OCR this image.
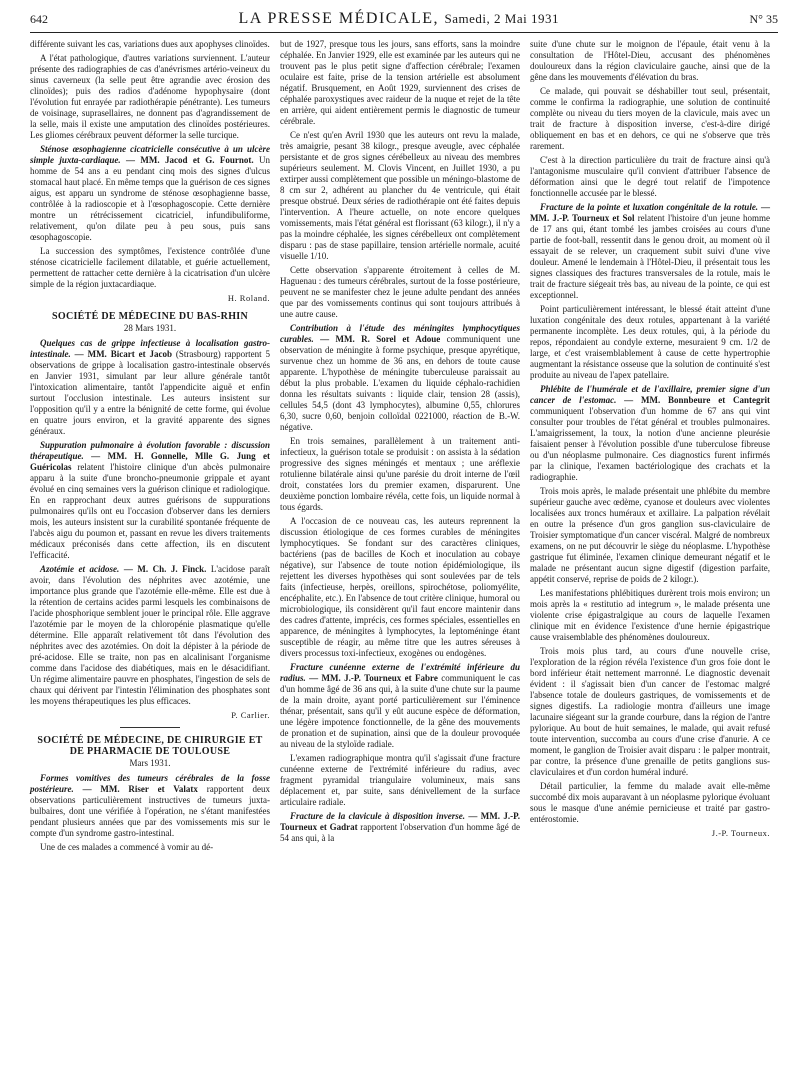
642	LA PRESSE MÉDICALE, Samedi, 2 Mai 1931	N° 35

différente suivant les cas, variations dues aux apophyses clinoïdes.

A l'état pathologique, d'autres variations surviennent. L'auteur présente des radiographies de cas d'anévrismes artério-veineux du sinus caverneux (la selle peut être agrandie avec érosion des clinoïdes); puis des radios d'adénome hypophysaire (dont l'évolution fut enrayée par radiothérapie pénétrante). Les tumeurs de voisinage, suprasellaires, ne donnent pas d'agrandissement de la selle, mais il existe une amputation des clinoïdes postérieures. Les gliomes cérébraux peuvent déformer la selle turcique.

Sténose œsophagienne cicatricielle consécutive à un ulcère simple juxta-cardiaque. — MM. Jacod et G. Fournot. Un homme de 54 ans a eu pendant cinq mois des signes d'ulcus stomacal haut placé. En même temps que la guérison de ces signes aigus, est apparu un syndrome de sténose œsophagienne basse, contrôlée à la radioscopie et à l'œsophagoscopie. Cette dernière montre un rétrécissement cicatriciel, infundibuliforme, relativement, qu'on dilate peu à peu sous, puis sans œsophagoscopie.

La succession des symptômes, l'existence contrôlée d'une sténose cicatricielle facilement dilatable, et guérie actuellement, permettent de rattacher cette dernière à la cicatrisation d'un ulcère simple de la région juxtacardiaque.

H. Roland.
SOCIÉTÉ DE MÉDECINE DU BAS-RHIN
28 Mars 1931.

Quelques cas de grippe infectieuse à localisation gastro-intestinale. — MM. Bicart et Jacob (Strasbourg) rapportent 5 observations de grippe à localisation gastro-intestinale observés en Janvier 1931, simulant par leur allure générale tantôt l'intoxication alimentaire, tantôt l'appendicite aiguë et enfin surtout l'occlusion intestinale. Les auteurs insistent sur l'opposition qu'il y a entre la bénignité de cette forme, qui évolue en quatre jours environ, et la gravité apparente des signes généraux.

Suppuration pulmonaire à évolution favorable : discussion thérapeutique. — MM. H. Gonnelle, Mlle G. Jung et Guéricolas relatent l'histoire clinique d'un abcès pulmonaire apparu à la suite d'une broncho-pneumonie grippale et ayant évolué en cinq semaines vers la guérison clinique et radiologique. En en rapprochant deux autres guérisons de suppurations pulmonaires qu'ils ont eu l'occasion d'observer dans les derniers mois, les auteurs insistent sur la curabilité spontanée fréquente de l'abcès aigu du poumon et, passant en revue les divers traitements médicaux préconisés dans cette affection, ils en discutent l'efficacité.

Azotémie et acidose. — M. Ch. J. Finck. L'acidose paraît avoir, dans l'évolution des néphrites avec azotémie, une importance plus grande que l'azotémie elle-même. Elle est due à la rétention de certains acides parmi lesquels les combinaisons de l'acide phosphorique semblent jouer le principal rôle. Elle aggrave l'azotémie par le moyen de la chloropénie plasmatique qu'elle détermine. Elle apparaît relativement tôt dans l'évolution des néphrites avec des azotémies. On doit la dépister à la période de pré-acidose. Elle se traite, non pas en alcalinisant l'organisme comme dans l'acidose des diabétiques, mais en le désacidifiant. Un régime alimentaire pauvre en phosphates, l'ingestion de sels de chaux qui dérivent par l'intestin l'élimination des phosphates sont les moyens thérapeutiques les plus efficaces.

P. Carlier.
SOCIÉTÉ DE MÉDECINE, DE CHIRURGIE ET DE PHARMACIE DE TOULOUSE
Mars 1931.

Formes vomitives des tumeurs cérébrales de la fosse postérieure. — MM. Riser et Valatx rapportent deux observations particulièrement instructives de tumeurs juxta-bulbaires, dont une vérifiée à l'opération, ne s'étant manifestées pendant plusieurs années que par des vomissements mis sur le compte d'un syndrome gastro-intestinal.

Une de ces malades a commencé à vomir au dé-

but de 1927, presque tous les jours, sans efforts, sans la moindre céphalée. En Janvier 1929, elle est examinée par les auteurs qui ne trouvent pas le plus petit signe d'affection cérébrale; l'examen oculaire est faite, prise de la tension artérielle est absolument négatif. Brusquement, en Août 1929, surviennent des crises de céphalée paroxystiques avec raideur de la nuque et rejet de la tête en arrière, qui aident entièrement permis le diagnostic de tumeur cérébrale.

Ce n'est qu'en Avril 1930 que les auteurs ont revu la malade, très amaigrie, pesant 38 kilogr., presque aveugle, avec céphalée persistante et de gros signes cérébelleux au niveau des membres supérieurs seulement. M. Clovis Vincent, en Juillet 1930, a pu extirper aussi complètement que possible un méningo-blastome de 8 cm sur 2, adhérent au plancher du 4e ventricule, qui était presque obstrué. Deux séries de radiothérapie ont été faites depuis l'intervention. A l'heure actuelle, on note encore quelques vomissements, mais l'état général est florissant (63 kilogr.), il n'y a pas la moindre céphalée, les signes cérébelleux ont complètement disparu : pas de stase papillaire, tension artérielle normale, acuité visuelle 1/10.

Cette observation s'apparente étroitement à celles de M. Haguenau : des tumeurs cérébrales, surtout de la fosse postérieure, peuvent ne se manifester chez le jeune adulte pendant des années que par des vomissements continus qui sont toujours attribués à une autre cause.

Contribution à l'étude des méningites lymphocytiques curables. — MM. R. Sorel et Adoue communiquent une observation de méningite à forme psychique, presque apyrétique, survenue chez un homme de 36 ans, en dehors de toute cause apparente. L'hypothèse de méningite tuberculeuse paraissait au début la plus probable. L'examen du liquide céphalo-rachidien donna les résultats suivants : liquide clair, tension 28 (assis), cellules 54,5 (dont 43 lymphocytes), albumine 0,55, chlorures 6,30, sucre 0,60, benjoin colloïdal 0221000, réaction de B.-W. négative.

En trois semaines, parallèlement à un traitement anti-infectieux, la guérison totale se produisit : on assista à la sédation progressive des signes méningés et mentaux ; une aréflexie rotulienne bilatérale ainsi qu'une parésie du droit interne de l'œil droit, constatées lors du premier examen, disparurent. Une deuxième ponction lombaire révéla, cette fois, un liquide normal à tous égards.

A l'occasion de ce nouveau cas, les auteurs reprennent la discussion étiologique de ces formes curables de méningites lymphocytiques. Se fondant sur des caractères cliniques, bactériens (pas de bacilles de Koch et inoculation au cobaye négative), sur l'absence de toute notion épidémiologique, ils rejettent les diverses hypothèses qui sont soulevées par de tels faits (infectieuse, herpès, oreillons, spirochétose, poliomyélite, encéphalite, etc.). En l'absence de tout critère clinique, humoral ou microbiologique, ils considèrent qu'il faut encore maintenir dans des cadres d'attente, imprécis, ces formes spéciales, essentielles en apparence, de méningites à lymphocytes, la leptoméninge étant susceptible de réagir, au même titre que les autres séreuses à divers processus toxi-infectieux, exogènes ou endogènes.

Fracture cunéenne externe de l'extrémité inférieure du radius. — MM. J.-P. Tourneux et Fabre communiquent le cas d'un homme âgé de 36 ans qui, à la suite d'une chute sur la paume de la main droite, ayant porté particulièrement sur l'éminence thénar, présentait, sans qu'il y eût aucune espèce de déformation, une légère impotence fonctionnelle, de la gêne des mouvements de pronation et de supination, ainsi que de la douleur provoquée au niveau de la styloïde radiale.

L'examen radiographique montra qu'il s'agissait d'une fracture cunéenne externe de l'extrémité inférieure du radius, avec fragment pyramidal triangulaire volumineux, mais sans déplacement et, par suite, sans dénivellement de la surface articulaire radiale.

Fracture de la clavicule à disposition inverse. — MM. J.-P. Tourneux et Gadrat rapportent l'observation d'un homme âgé de 54 ans qui, à la

suite d'une chute sur le moignon de l'épaule, était venu à la consultation de l'Hôtel-Dieu, accusant des phénomènes douloureux dans la région claviculaire gauche, ainsi que de la gêne dans les mouvements d'élévation du bras.

Ce malade, qui pouvait se déshabiller tout seul, présentait, comme le confirma la radiographie, une solution de continuité complète ou niveau du tiers moyen de la clavicule, mais avec un trait de fracture à disposition inverse, c'est-à-dire dirigé obliquement en bas et en dehors, ce qui ne s'observe que très rarement.

C'est à la direction particulière du trait de fracture ainsi qu'à l'antagonisme musculaire qu'il convient d'attribuer l'absence de déformation ainsi que le degré tout relatif de l'impotence fonctionnelle accusée par le blessé.

Fracture de la pointe et luxation congénitale de la rotule. — MM. J.-P. Tourneux et Sol relatent l'histoire d'un jeune homme de 17 ans qui, étant tombé les jambes croisées au cours d'une partie de foot-ball, ressentit dans le genou droit, au moment où il essayait de se relever, un craquement subit suivi d'une vive douleur. Amené le lendemain à l'Hôtel-Dieu, il présentait tous les signes classiques des fractures transversales de la rotule, mais le trait de fracture siégeait très bas, au niveau de la pointe, ce qui est exceptionnel.

Point particulièrement intéressant, le blessé était atteint d'une luxation congénitale des deux rotules, appartenant à la variété permanente incomplète. Les deux rotules, qui, à la période du repos, répondaient au condyle externe, mesuraient 9 cm. 1/2 de large, et c'est vraisemblablement à cause de cette hypertrophie augmentant la résistance osseuse que la solution de continuité s'est produite au niveau de l'apex patellaire.

Phlébite de l'humérale et de l'axillaire, premier signe d'un cancer de l'estomac. — MM. Bonnbeure et Cantegrit communiquent l'observation d'un homme de 67 ans qui vint consulter pour troubles de l'état général et troubles pulmonaires. L'amaigrissement, la toux, la notion d'une ancienne pleurésie faisaient penser à l'évolution possible d'une tuberculose fibreuse ou d'un néoplasme pulmonaire. Ces diagnostics furent infirmés par la clinique, l'examen bactériologique des crachats et la radiographie.

Trois mois après, le malade présentait une phlébite du membre supérieur gauche avec œdème, cyanose et douleurs avec violentes localisées aux troncs huméraux et axillaire. La palpation révélait en outre la présence d'un gros ganglion sus-claviculaire de Troisier symptomatique d'un cancer viscéral. Malgré de nombreux examens, on ne put découvrir le siège du néoplasme. L'hypothèse gastrique fut éliminée, l'examen clinique demeurant négatif et le malade ne présentant aucun signe digestif (digestion parfaite, appétit conservé, reprise de poids de 2 kilogr.).

Les manifestations phlébitiques durèrent trois mois environ; un mois après la « restitutio ad integrum », le malade présenta une violente crise épigastralgique au cours de laquelle l'examen clinique mit en évidence l'existence d'une hernie épigastrique cause vraisemblable des phénomènes douloureux.

Trois mois plus tard, au cours d'une nouvelle crise, l'exploration de la région révéla l'existence d'un gros foie dont le bord inférieur était nettement marronné. Le diagnostic devenait évident : il s'agissait bien d'un cancer de l'estomac malgré l'absence totale de douleurs gastriques, de vomissements et de signes digestifs. La radiologie montra d'ailleurs une image lacunaire siégeant sur la grande courbure, dans la région de l'antre pylorique. Au bout de huit semaines, le malade, qui avait refusé toute intervention, succomba au cours d'une crise d'anurie. A ce moment, le ganglion de Troisier avait disparu : le palper montrait, par contre, la présence d'une grenaille de petits ganglions sus-claviculaires et d'un cordon huméral induré.

Détail particulier, la femme du malade avait elle-même succombé dix mois auparavant à un néoplasme pylorique évoluant sous le masque d'une anémie pernicieuse et traité par gastro-entérostomie.

J.-P. Tourneux.
